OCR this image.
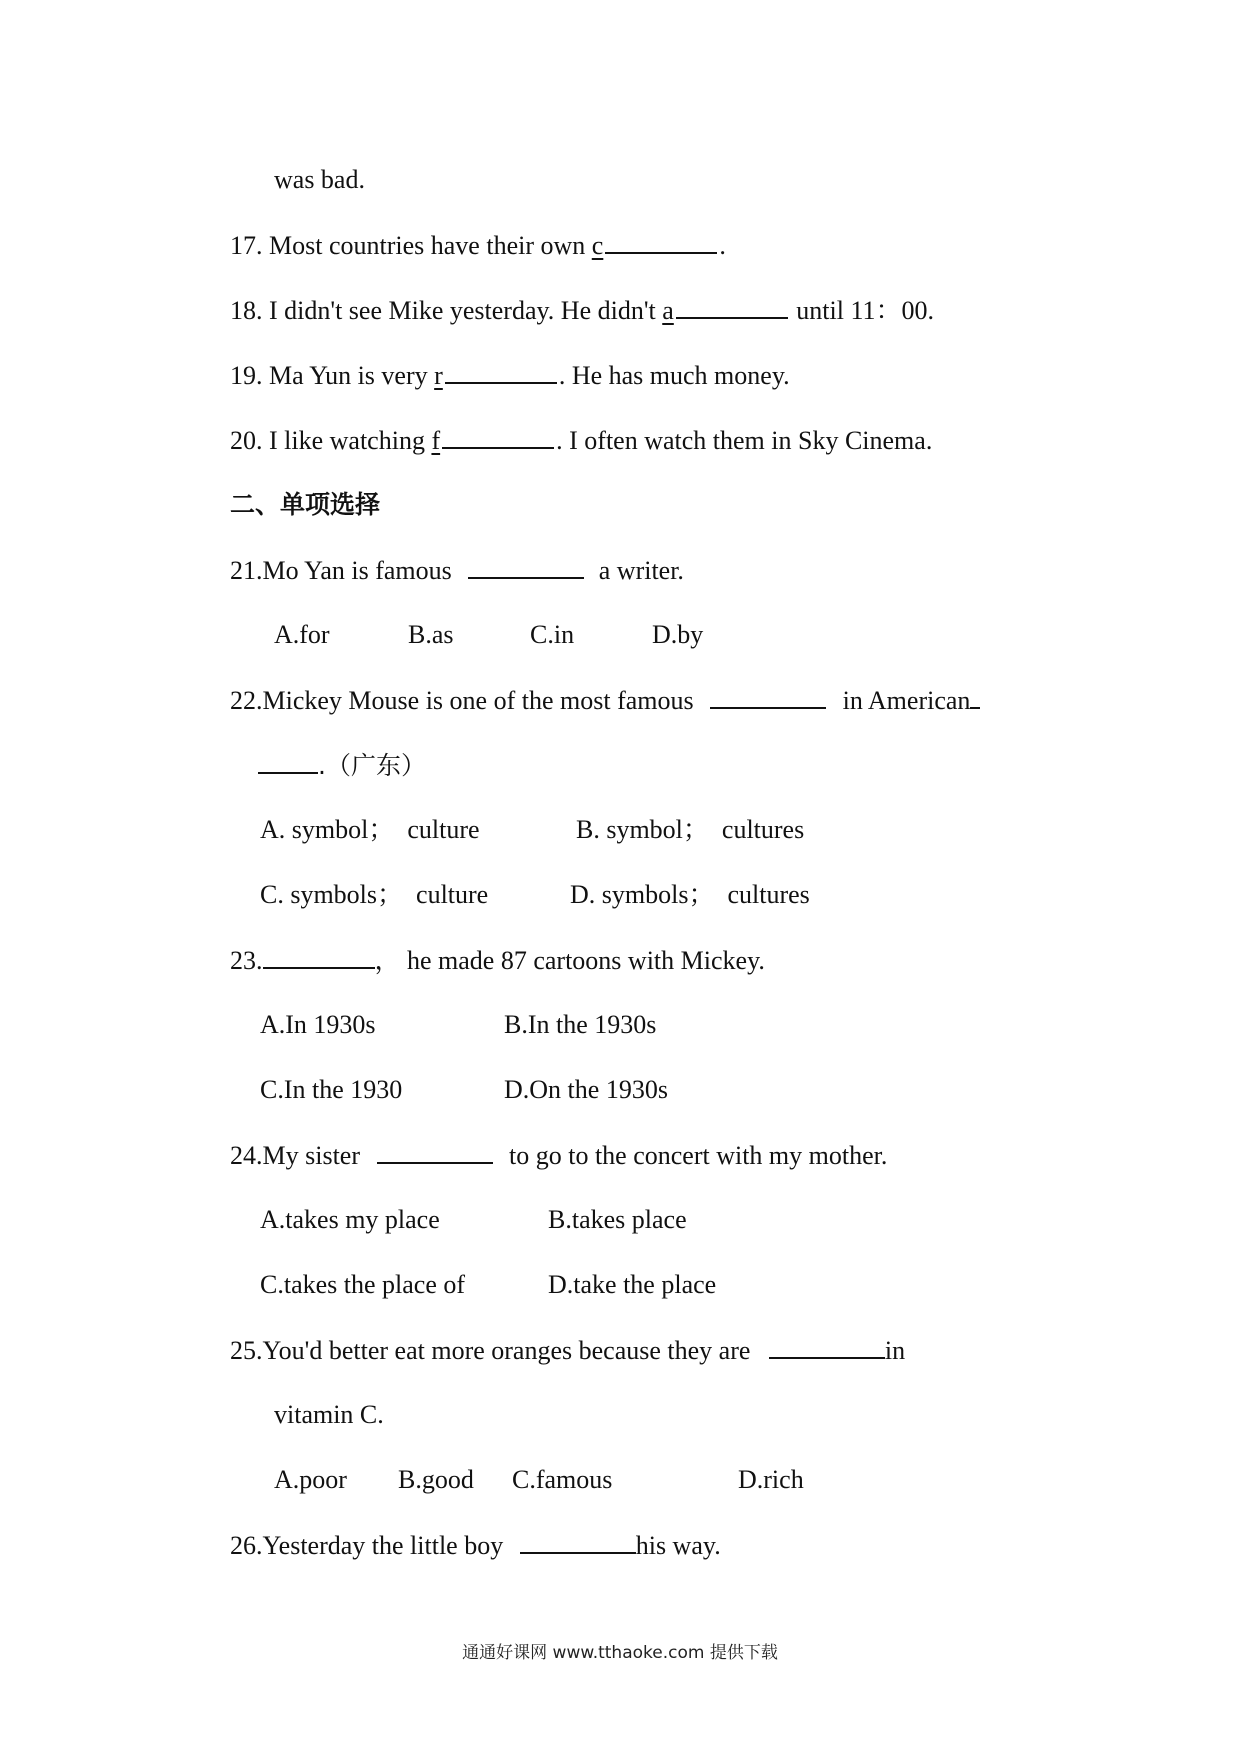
was bad.
17. Most countries have their own c	.
18. I didn't see Mike yesterday. He didn't a	until 11：00.
19. Ma Yun is very r	. He has much money.
20. I like watching f	. I often watch them in Sky Cinema.
二、单项选择
21.Mo Yan is famous	a writer.
A.for	B.as	C.in	D.by
22.Mickey Mouse is one of the most famous	in American
.（广东）
A. symbol；  culture	B. symbol；  cultures
C. symbols；  culture	D. symbols；  cultures
23.	， he made 87 cartoons with Mickey.
A.In 1930s	B.In the 1930s
C.In the 1930	D.On the 1930s
24.My sister	to go to the concert with my mother.
A.takes my place	B.takes place
C.takes the place of	D.take the place
25.You'd better eat more oranges because they are	in
vitamin C.
A.poor B.good C.famous	D.rich
26.Yesterday the little boy	his way.
通通好课网 www.tthaoke.com 提供下载
